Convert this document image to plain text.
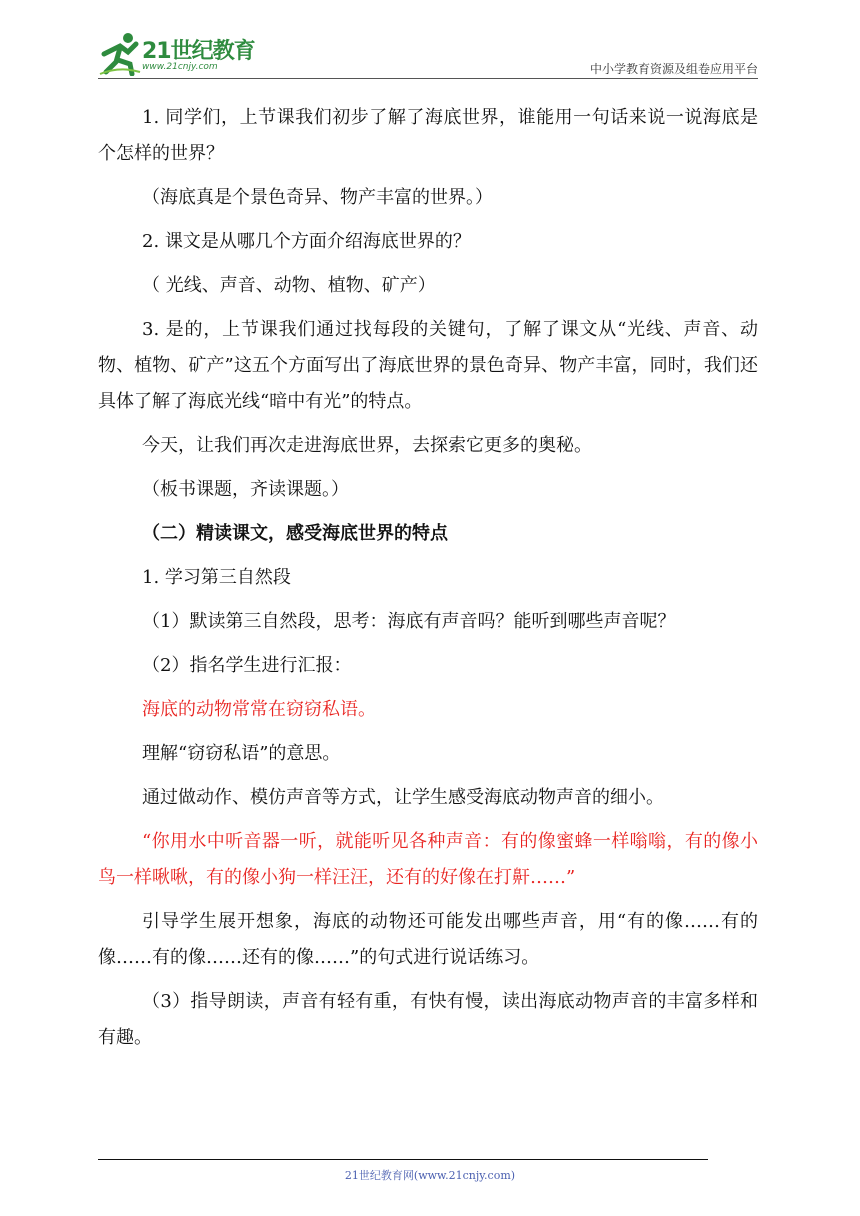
21世纪教育
www.21cnjy.com	中小学教育资源及组卷应用平台

1. 同学们，上节课我们初步了解了海底世界，谁能用一句话来说一说海底是个怎样的世界？

（海底真是个景色奇异、物产丰富的世界。）

2. 课文是从哪几个方面介绍海底世界的？

（ 光线、声音、动物、植物、矿产）

3. 是的，上节课我们通过找每段的关键句，了解了课文从“光线、声音、动物、植物、矿产”这五个方面写出了海底世界的景色奇异、物产丰富，同时，我们还具体了解了海底光线“暗中有光”的特点。

今天，让我们再次走进海底世界，去探索它更多的奥秘。

（板书课题，齐读课题。）

（二）精读课文，感受海底世界的特点

1. 学习第三自然段

（1）默读第三自然段，思考：海底有声音吗？能听到哪些声音呢？

（2）指名学生进行汇报：

海底的动物常常在窃窃私语。

理解“窃窃私语”的意思。

通过做动作、模仿声音等方式，让学生感受海底动物声音的细小。

“你用水中听音器一听，就能听见各种声音：有的像蜜蜂一样嗡嗡，有的像小鸟一样啾啾，有的像小狗一样汪汪，还有的好像在打鼾……”

引导学生展开想象，海底的动物还可能发出哪些声音，用“有的像……有的像……有的像……还有的像……”的句式进行说话练习。

（3）指导朗读，声音有轻有重，有快有慢，读出海底动物声音的丰富多样和有趣。

21世纪教育网(www.21cnjy.com)
